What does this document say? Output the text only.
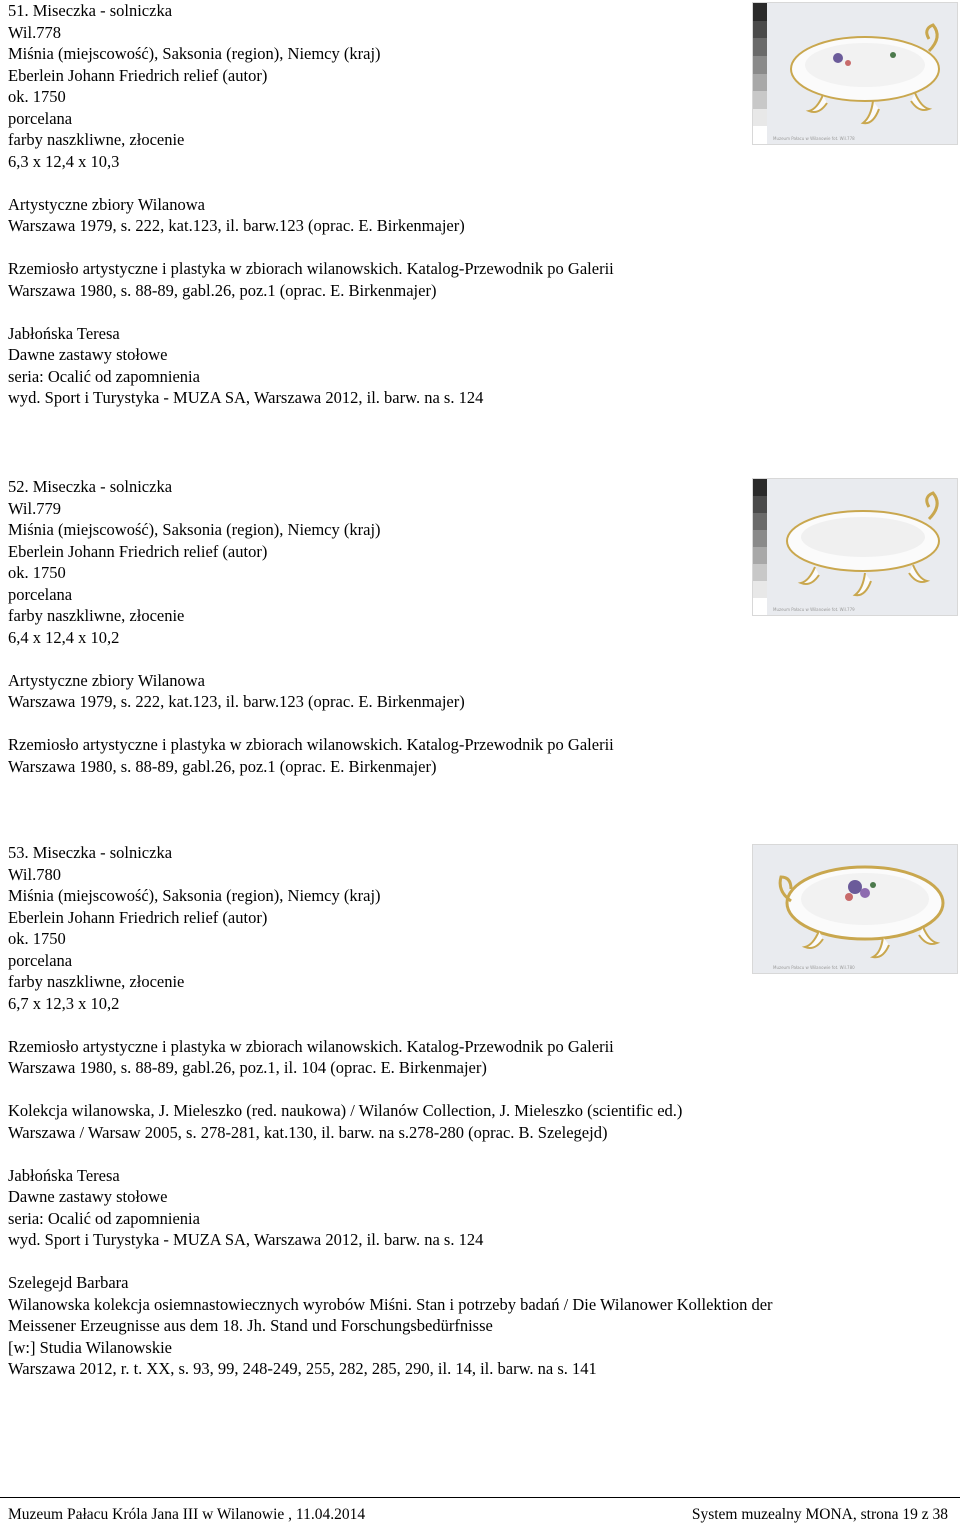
51. Miseczka - solniczka
Wil.778
Miśnia (miejscowość), Saksonia (region), Niemcy (kraj)
Eberlein Johann Friedrich relief (autor)
ok. 1750
porcelana
farby naszkliwne, złocenie
6,3 x 12,4 x 10,3
Artystyczne zbiory Wilanowa
Warszawa 1979, s. 222, kat.123, il. barw.123 (oprac. E. Birkenmajer)
Rzemiosło artystyczne i plastyka w zbiorach wilanowskich. Katalog-Przewodnik po Galerii
Warszawa 1980, s. 88-89, gabl.26, poz.1 (oprac. E. Birkenmajer)
Jabłońska Teresa
Dawne zastawy stołowe
seria: Ocalić od zapomnienia
wyd. Sport i Turystyka - MUZA SA, Warszawa 2012, il. barw. na s. 124
Muzeum Pałacu w Wilanowie fot. Wil.778
52. Miseczka - solniczka
Wil.779
Miśnia (miejscowość), Saksonia (region), Niemcy (kraj)
Eberlein Johann Friedrich relief (autor)
ok. 1750
porcelana
farby naszkliwne, złocenie
6,4 x 12,4 x 10,2
Artystyczne zbiory Wilanowa
Warszawa 1979, s. 222, kat.123, il. barw.123 (oprac. E. Birkenmajer)
Rzemiosło artystyczne i plastyka w zbiorach wilanowskich. Katalog-Przewodnik po Galerii
Warszawa 1980, s. 88-89, gabl.26, poz.1 (oprac. E. Birkenmajer)
Muzeum Pałacu w Wilanowie fot. Wil.779
53. Miseczka - solniczka
Wil.780
Miśnia (miejscowość), Saksonia (region), Niemcy (kraj)
Eberlein Johann Friedrich relief (autor)
ok. 1750
porcelana
farby naszkliwne, złocenie
6,7 x 12,3 x 10,2
Rzemiosło artystyczne i plastyka w zbiorach wilanowskich. Katalog-Przewodnik po Galerii
Warszawa 1980, s. 88-89, gabl.26, poz.1, il. 104 (oprac. E. Birkenmajer)
Kolekcja wilanowska, J. Mieleszko (red. naukowa) / Wilanów Collection, J. Mieleszko (scientific ed.)
Warszawa / Warsaw 2005, s. 278-281, kat.130, il. barw. na s.278-280 (oprac. B. Szelegejd)
Jabłońska Teresa
Dawne zastawy stołowe
seria: Ocalić od zapomnienia
wyd. Sport i Turystyka - MUZA SA, Warszawa 2012, il. barw. na s. 124
Szelegejd Barbara
Wilanowska kolekcja osiemnastowiecznych wyrobów Miśni. Stan i potrzeby badań / Die Wilanower Kollektion der
Meissener Erzeugnisse aus dem 18. Jh. Stand und Forschungsbedürfnisse
[w:] Studia Wilanowskie
Warszawa 2012, r. t. XX, s. 93, 99, 248-249, 255, 282, 285, 290, il. 14, il. barw. na s. 141
Muzeum Pałacu w Wilanowie fot. Wil.780
Muzeum Pałacu Króla Jana III w Wilanowie , 11.04.2014	System muzealny MONA, strona 19 z 38
